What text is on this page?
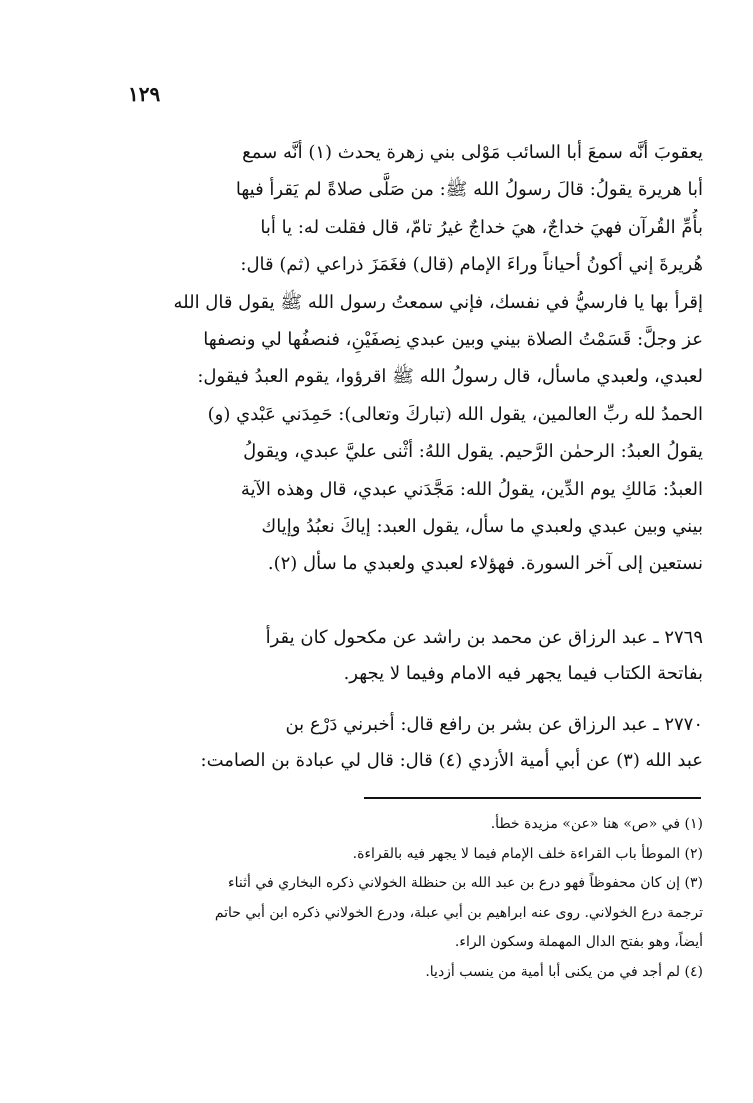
١٢٩
يعقوبَ أنَّه سمعَ أبا السائب مَوْلى بني زهرة يحدث (١) أنَّه سمع
أبا هريرة يقولُ: قالَ رسولُ الله ﷺ: من صَلَّى صلاةً لم يَقرأ فيها
بأُمِّ القُرآن فهيَ خداجٌ، هيَ خداجٌ غيرُ تامّ، قال فقلت له: يا أبا
هُريرةَ إني أكونُ أحياناً وراءَ الإمام (قال) فغَمَزَ ذراعي (ثم) قال:
إقرأ بها يا فارسيُّ في نفسك، فإني سمعتُ رسول الله ﷺ يقول قال الله
عز وجلَّ: قَسَمْتُ الصلاة بيني وبين عبدي نِصفَيْنِ، فنصفُها لي ونصفها
لعبدي، ولعبدي ماسأل، قال رسولُ الله ﷺ اقرؤوا، يقوم العبدُ فيقول:
الحمدُ لله ربِّ العالمين، يقول الله (تباركَ وتعالى): حَمِدَني عَبْدي (و)
يقولُ العبدُ: الرحمٰن الرَّحيم. يقول اللهُ: أثْنى عليَّ عبدي، ويقولُ
العبدُ: مَالكِ يوم الدِّين، يقولُ الله: مَجَّدَني عبدي، قال وهذه الآية
بيني وبين عبدي ولعبدي ما سأل، يقول العبد: إياكَ نعبُدُ وإياك
نستعين إلى آخر السورة. فهؤلاء لعبدي ولعبدي ما سأل (٢).
٢٧٦٩ ـ عبد الرزاق عن محمد بن راشد عن مكحول كان يقرأ
بفاتحة الكتاب فيما يجهر فيه الامام وفيما لا يجهر.
٢٧٧٠ ـ عبد الرزاق عن بشر بن رافع قال: أخبرني دَرْع بن
عبد الله (٣) عن أبي أمية الأزدي (٤) قال: قال لي عبادة بن الصامت:
(١) في «ص» هنا «عن» مزيدة خطأ.
(٢) الموطأ باب القراءة خلف الإمام فيما لا يجهر فيه بالقراءة.
(٣) إن كان محفوظاً فهو درع بن عبد الله بن حنظلة الخولاني ذكره البخاري في أثناء
ترجمة درع الخولاني. روى عنه ابراهيم بن أبي عبلة، ودرع الخولاني ذكره ابن أبي حاتم
أيضاً، وهو بفتح الدال المهملة وسكون الراء.
(٤) لم أجد في من يكنى أبا أمية من ينسب أزديا.
